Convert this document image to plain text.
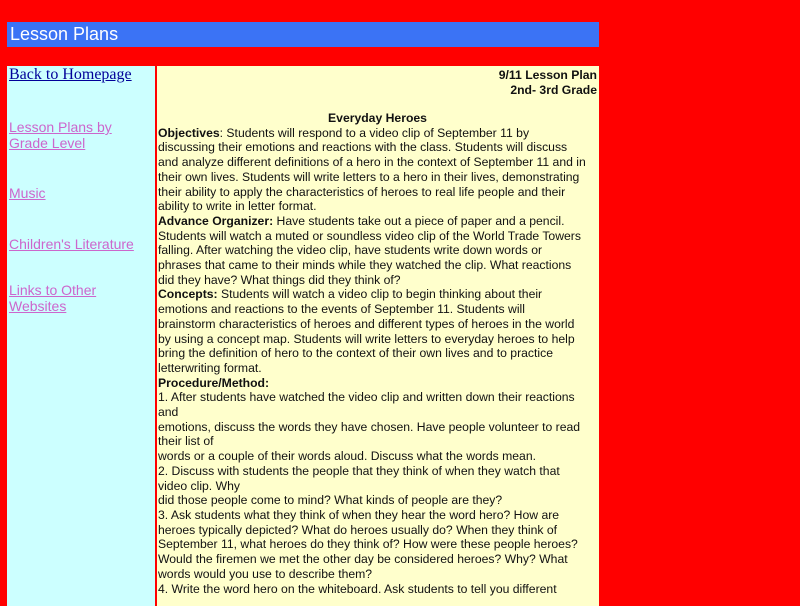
Lesson Plans
Back to Homepage
Lesson Plans by
Grade Level
Music
Children's Literature
Links to Other
Websites
9/11 Lesson Plan
2nd- 3rd Grade
Everyday Heroes
Objectives: Students will respond to a video clip of September 11 by
discussing their emotions and reactions with the class. Students will discuss
and analyze different definitions of a hero in the context of September 11 and in
their own lives. Students will write letters to a hero in their lives, demonstrating
their ability to apply the characteristics of heroes to real life people and their
ability to write in letter format.
Advance Organizer: Have students take out a piece of paper and a pencil.
Students will watch a muted or soundless video clip of the World Trade Towers
falling. After watching the video clip, have students write down words or
phrases that came to their minds while they watched the clip. What reactions
did they have? What things did they think of?
Concepts: Students will watch a video clip to begin thinking about their
emotions and reactions to the events of September 11. Students will
brainstorm characteristics of heroes and different types of heroes in the world
by using a concept map. Students will write letters to everyday heroes to help
bring the definition of hero to the context of their own lives and to practice
letterwriting format.
Procedure/Method:
1. After students have watched the video clip and written down their reactions
and
emotions, discuss the words they have chosen. Have people volunteer to read
their list of
words or a couple of their words aloud. Discuss what the words mean.
2. Discuss with students the people that they think of when they watch that
video clip. Why
did those people come to mind? What kinds of people are they?
3. Ask students what they think of when they hear the word hero? How are
heroes typically depicted? What do heroes usually do? When they think of
September 11, what heroes do they think of? How were these people heroes?
Would the firemen we met the other day be considered heroes? Why? What
words would you use to describe them?
4. Write the word hero on the whiteboard. Ask students to tell you different
